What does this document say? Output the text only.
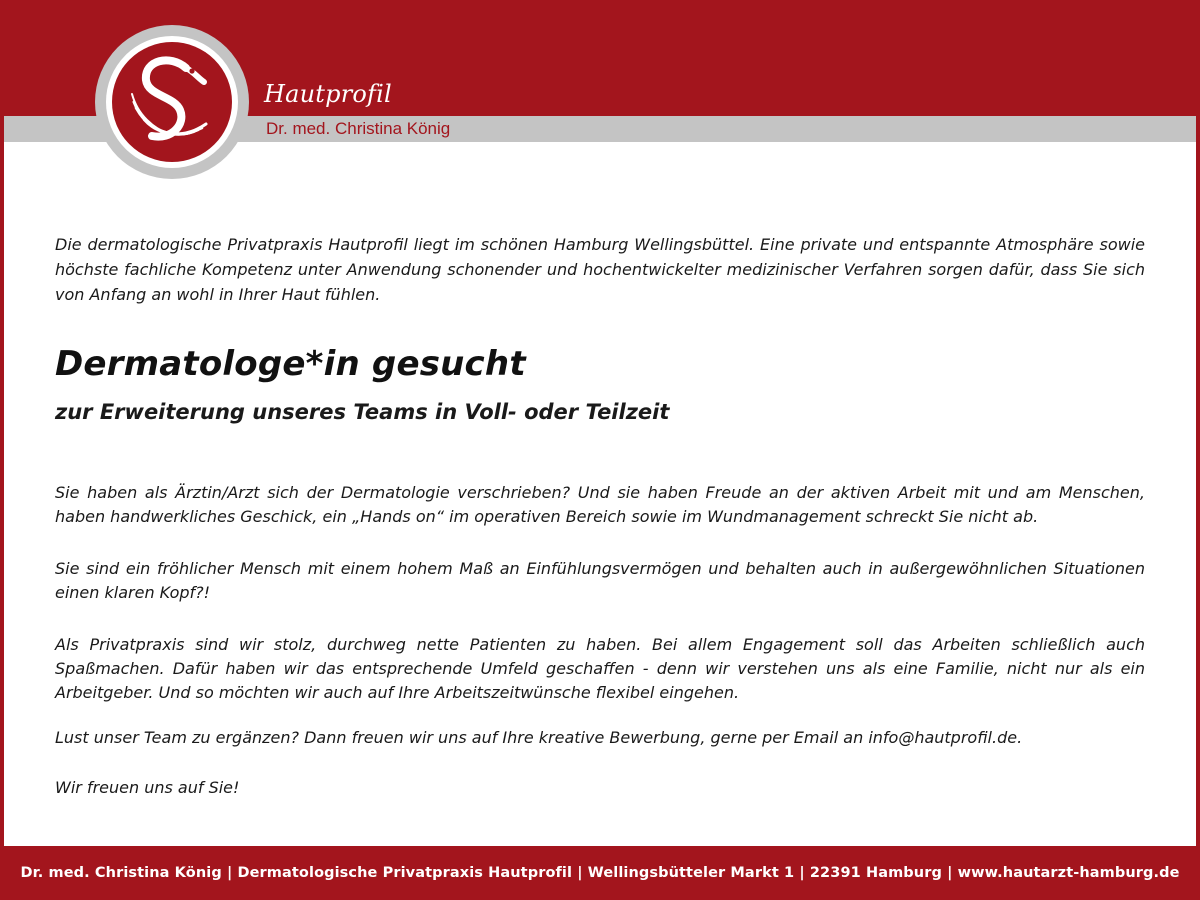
Hautprofil
Dr. med. Christina König

Die dermatologische Privatpraxis Hautprofil liegt im schönen Hamburg Wellingsbüttel. Eine private und entspannte Atmosphäre sowie höchste fachliche Kompetenz unter Anwendung schonender und hochentwickelter medizinischer Verfahren sorgen dafür, dass Sie sich von Anfang an wohl in Ihrer Haut fühlen.

Dermatologe*in gesucht
zur Erweiterung unseres Teams in Voll- oder Teilzeit

Sie haben als Ärztin/Arzt sich der Dermatologie verschrieben? Und sie haben Freude an der aktiven Arbeit mit und am Menschen, haben handwerkliches Geschick, ein „Hands on“ im operativen Bereich sowie im Wundmanagement schreckt Sie nicht ab.

Sie sind ein fröhlicher Mensch mit einem hohem Maß an Einfühlungsvermögen und behalten auch in außergewöhnlichen Situationen einen klaren Kopf?!

Als Privatpraxis sind wir stolz, durchweg nette Patienten zu haben. Bei allem Engagement soll das Arbeiten schließlich auch Spaßmachen. Dafür haben wir das entsprechende Umfeld geschaffen - denn wir verstehen uns als eine Familie, nicht nur als ein Arbeitgeber. Und so möchten wir auch auf Ihre Arbeitszeitwünsche flexibel eingehen.

Lust unser Team zu ergänzen? Dann freuen wir uns auf Ihre kreative Bewerbung, gerne per Email an info@hautprofil.de.

Wir freuen uns auf Sie!

Dr. med. Christina König | Dermatologische Privatpraxis Hautprofil | Wellingsbütteler Markt 1 | 22391 Hamburg | www.hautarzt-hamburg.de
